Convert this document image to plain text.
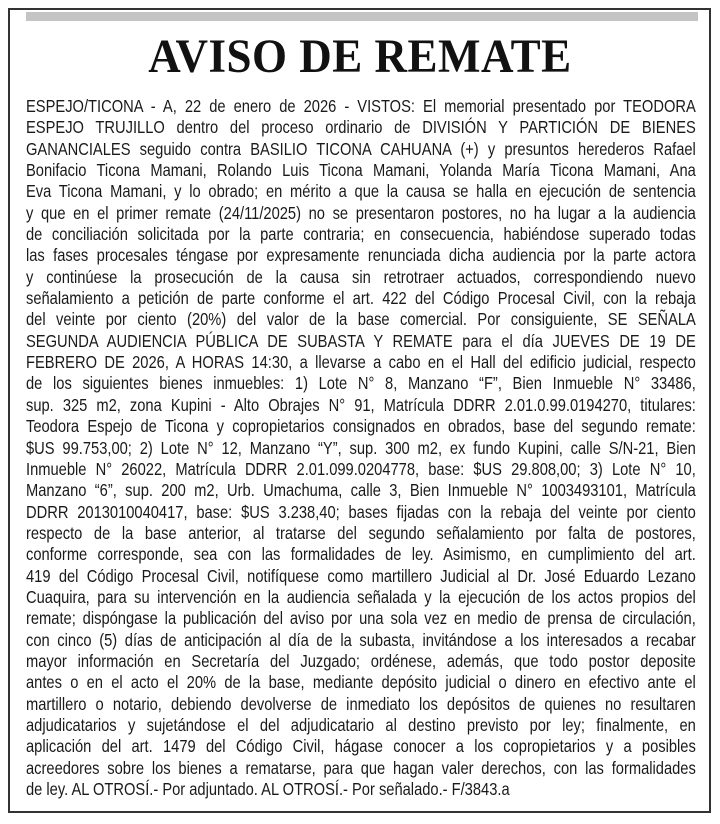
AVISO DE REMATE
ESPEJO/TICONA - A, 22 de enero de 2026 - VISTOS: El memorial presentado por TEODORA
ESPEJO TRUJILLO dentro del proceso ordinario de DIVISIÓN Y PARTICIÓN DE BIENES
GANANCIALES seguido contra BASILIO TICONA CAHUANA (+) y presuntos herederos Rafael
Bonifacio Ticona Mamani, Rolando Luis Ticona Mamani, Yolanda María Ticona Mamani, Ana
Eva Ticona Mamani, y lo obrado; en mérito a que la causa se halla en ejecución de sentencia
y que en el primer remate (24/11/2025) no se presentaron postores, no ha lugar a la audiencia
de conciliación solicitada por la parte contraria; en consecuencia, habiéndose superado todas
las fases procesales téngase por expresamente renunciada dicha audiencia por la parte actora
y continúese la prosecución de la causa sin retrotraer actuados, correspondiendo nuevo
señalamiento a petición de parte conforme el art. 422 del Código Procesal Civil, con la rebaja
del veinte por ciento (20%) del valor de la base comercial. Por consiguiente, SE SEÑALA
SEGUNDA AUDIENCIA PÚBLICA DE SUBASTA Y REMATE para el día JUEVES DE 19 DE
FEBRERO DE 2026, A HORAS 14:30, a llevarse a cabo en el Hall del edificio judicial, respecto
de los siguientes bienes inmuebles: 1) Lote N° 8, Manzano “F”, Bien Inmueble N° 33486,
sup. 325 m2, zona Kupini - Alto Obrajes N° 91, Matrícula DDRR 2.01.0.99.0194270, titulares:
Teodora Espejo de Ticona y copropietarios consignados en obrados, base del segundo remate:
$US 99.753,00; 2) Lote N° 12, Manzano “Y”, sup. 300 m2, ex fundo Kupini, calle S/N-21, Bien
Inmueble N° 26022, Matrícula DDRR 2.01.099.0204778, base: $US 29.808,00; 3) Lote N° 10,
Manzano “6”, sup. 200 m2, Urb. Umachuma, calle 3, Bien Inmueble N° 1003493101, Matrícula
DDRR 201301004041​7, base: $US 3.238,40; bases fijadas con la rebaja del veinte por ciento
respecto de la base anterior, al tratarse del segundo señalamiento por falta de postores,
conforme corresponde, sea con las formalidades de ley. Asimismo, en cumplimiento del art.
419 del Código Procesal Civil, notifíquese como martillero Judicial al Dr. José Eduardo Lezano
Cuaquira, para su intervención en la audiencia señalada y la ejecución de los actos propios del
remate; dispóngase la publicación del aviso por una sola vez en medio de prensa de circulación,
con cinco (5) días de anticipación al día de la subasta, invitándose a los interesados a recabar
mayor información en Secretaría del Juzgado; ordénese, además, que todo postor deposite
antes o en el acto el 20% de la base, mediante depósito judicial o dinero en efectivo ante el
martillero o notario, debiendo devolverse de inmediato los depósitos de quienes no resultaren
adjudicatarios y sujetándose el del adjudicatario al destino previsto por ley; finalmente, en
aplicación del art. 1479 del Código Civil, hágase conocer a los copropietarios y a posibles
acreedores sobre los bienes a rematarse, para que hagan valer derechos, con las formalidades
de ley. AL OTROSÍ.- Por adjuntado. AL OTROSÍ.- Por señalado.- F/3843.a
